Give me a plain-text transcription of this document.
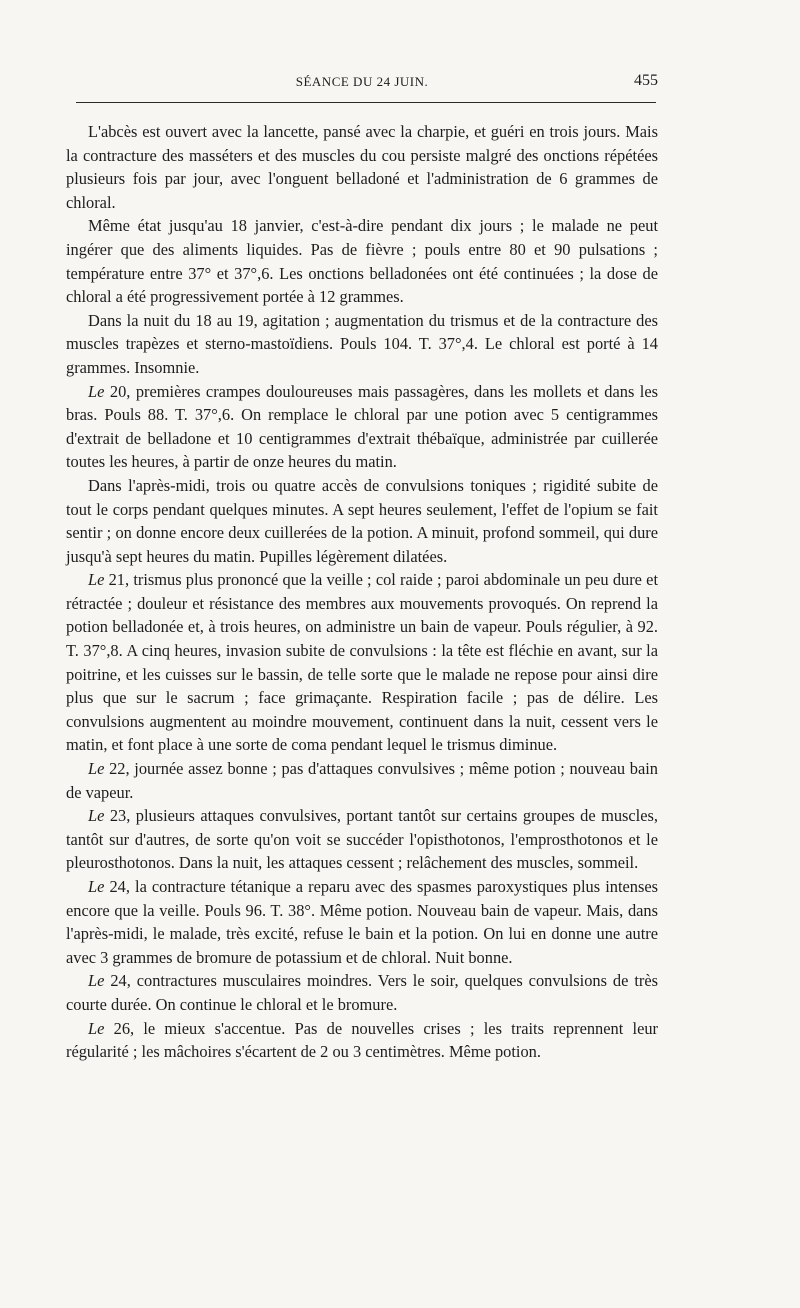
SÉANCE DU 24 JUIN.	455

L'abcès est ouvert avec la lancette, pansé avec la charpie, et guéri en trois jours. Mais la contracture des masséters et des muscles du cou persiste malgré des onctions répétées plusieurs fois par jour, avec l'onguent belladoné et l'administration de 6 grammes de chloral.

Même état jusqu'au 18 janvier, c'est-à-dire pendant dix jours ; le malade ne peut ingérer que des aliments liquides. Pas de fièvre ; pouls entre 80 et 90 pulsations ; température entre 37° et 37°,6. Les onctions belladonées ont été continuées ; la dose de chloral a été progressivement portée à 12 grammes.

Dans la nuit du 18 au 19, agitation ; augmentation du trismus et de la contracture des muscles trapèzes et sterno-mastoïdiens. Pouls 104. T. 37°,4. Le chloral est porté à 14 grammes. Insomnie.

Le 20, premières crampes douloureuses mais passagères, dans les mollets et dans les bras. Pouls 88. T. 37°,6. On remplace le chloral par une potion avec 5 centigrammes d'extrait de belladone et 10 centigrammes d'extrait thébaïque, administrée par cuillerée toutes les heures, à partir de onze heures du matin.

Dans l'après-midi, trois ou quatre accès de convulsions toniques ; rigidité subite de tout le corps pendant quelques minutes. A sept heures seulement, l'effet de l'opium se fait sentir ; on donne encore deux cuillerées de la potion. A minuit, profond sommeil, qui dure jusqu'à sept heures du matin. Pupilles légèrement dilatées.

Le 21, trismus plus prononcé que la veille ; col raide ; paroi abdominale un peu dure et rétractée ; douleur et résistance des membres aux mouvements provoqués. On reprend la potion belladonée et, à trois heures, on administre un bain de vapeur. Pouls régulier, à 92. T. 37°,8. A cinq heures, invasion subite de convulsions : la tête est fléchie en avant, sur la poitrine, et les cuisses sur le bassin, de telle sorte que le malade ne repose pour ainsi dire plus que sur le sacrum ; face grimaçante. Respiration facile ; pas de délire. Les convulsions augmentent au moindre mouvement, continuent dans la nuit, cessent vers le matin, et font place à une sorte de coma pendant lequel le trismus diminue.

Le 22, journée assez bonne ; pas d'attaques convulsives ; même potion ; nouveau bain de vapeur.

Le 23, plusieurs attaques convulsives, portant tantôt sur certains groupes de muscles, tantôt sur d'autres, de sorte qu'on voit se succéder l'opisthotonos, l'emprosthotonos et le pleurosthotonos. Dans la nuit, les attaques cessent ; relâchement des muscles, sommeil.

Le 24, la contracture tétanique a reparu avec des spasmes paroxystiques plus intenses encore que la veille. Pouls 96. T. 38°. Même potion. Nouveau bain de vapeur. Mais, dans l'après-midi, le malade, très excité, refuse le bain et la potion. On lui en donne une autre avec 3 grammes de bromure de potassium et de chloral. Nuit bonne.

Le 24, contractures musculaires moindres. Vers le soir, quelques convulsions de très courte durée. On continue le chloral et le bromure.

Le 26, le mieux s'accentue. Pas de nouvelles crises ; les traits reprennent leur régularité ; les mâchoires s'écartent de 2 ou 3 centimètres. Même potion.
